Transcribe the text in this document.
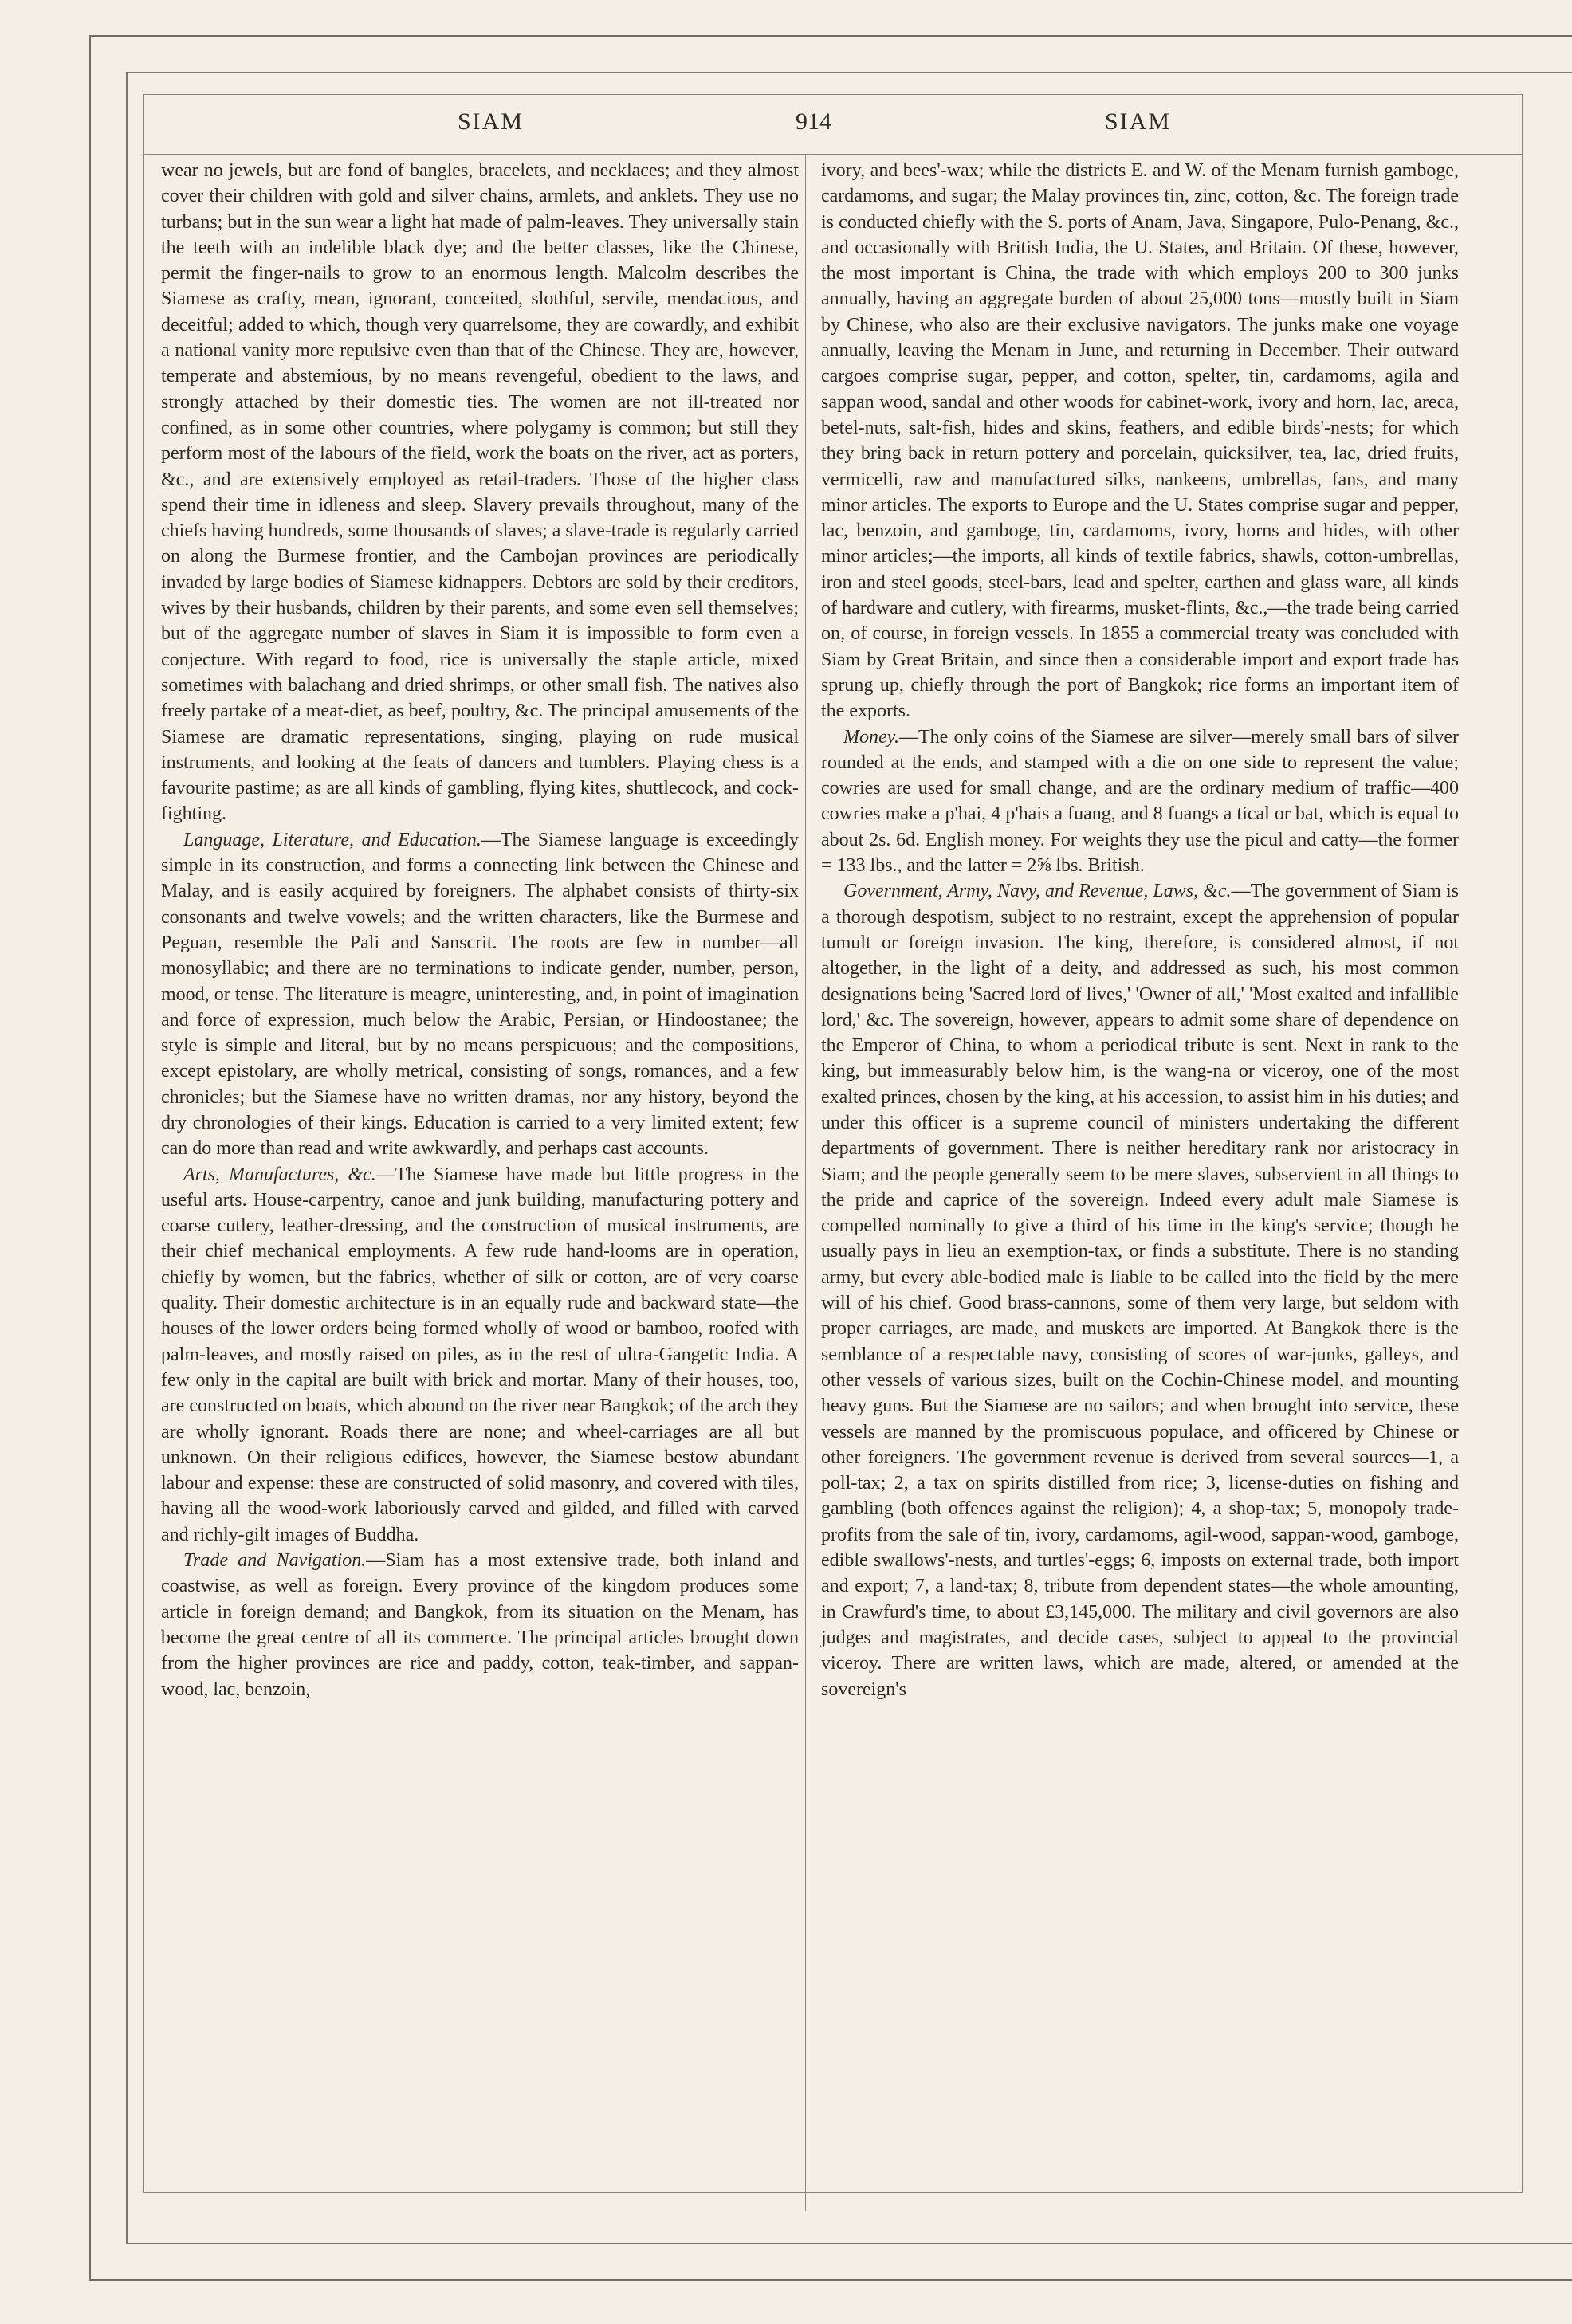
SIAM	914	SIAM

wear no jewels, but are fond of bangles, bracelets, and necklaces; and they almost cover their children with gold and silver chains, armlets, and anklets. They use no turbans; but in the sun wear a light hat made of palm-leaves. They universally stain the teeth with an indelible black dye; and the better classes, like the Chinese, permit the finger-nails to grow to an enormous length. Malcolm describes the Siamese as crafty, mean, ignorant, conceited, slothful, servile, mendacious, and deceitful; added to which, though very quarrelsome, they are cowardly, and exhibit a national vanity more repulsive even than that of the Chinese. They are, however, temperate and abstemious, by no means revengeful, obedient to the laws, and strongly attached by their domestic ties. The women are not ill-treated nor confined, as in some other countries, where polygamy is common; but still they perform most of the labours of the field, work the boats on the river, act as porters, &c., and are extensively employed as retail-traders. Those of the higher class spend their time in idleness and sleep. Slavery prevails throughout, many of the chiefs having hundreds, some thousands of slaves; a slave-trade is regularly carried on along the Burmese frontier, and the Cambojan provinces are periodically invaded by large bodies of Siamese kidnappers. Debtors are sold by their creditors, wives by their husbands, children by their parents, and some even sell themselves; but of the aggregate number of slaves in Siam it is impossible to form even a conjecture. With regard to food, rice is universally the staple article, mixed sometimes with balachang and dried shrimps, or other small fish. The natives also freely partake of a meat-diet, as beef, poultry, &c. The principal amusements of the Siamese are dramatic representations, singing, playing on rude musical instruments, and looking at the feats of dancers and tumblers. Playing chess is a favourite pastime; as are all kinds of gambling, flying kites, shuttlecock, and cock-fighting.

Language, Literature, and Education.—The Siamese language is exceedingly simple in its construction, and forms a connecting link between the Chinese and Malay, and is easily acquired by foreigners. The alphabet consists of thirty-six consonants and twelve vowels; and the written characters, like the Burmese and Peguan, resemble the Pali and Sanscrit. The roots are few in number—all monosyllabic; and there are no terminations to indicate gender, number, person, mood, or tense. The literature is meagre, uninteresting, and, in point of imagination and force of expression, much below the Arabic, Persian, or Hindoostanee; the style is simple and literal, but by no means perspicuous; and the compositions, except epistolary, are wholly metrical, consisting of songs, romances, and a few chronicles; but the Siamese have no written dramas, nor any history, beyond the dry chronologies of their kings. Education is carried to a very limited extent; few can do more than read and write awkwardly, and perhaps cast accounts.

Arts, Manufactures, &c.—The Siamese have made but little progress in the useful arts. House-carpentry, canoe and junk building, manufacturing pottery and coarse cutlery, leather-dressing, and the construction of musical instruments, are their chief mechanical employments. A few rude hand-looms are in operation, chiefly by women, but the fabrics, whether of silk or cotton, are of very coarse quality. Their domestic architecture is in an equally rude and backward state—the houses of the lower orders being formed wholly of wood or bamboo, roofed with palm-leaves, and mostly raised on piles, as in the rest of ultra-Gangetic India. A few only in the capital are built with brick and mortar. Many of their houses, too, are constructed on boats, which abound on the river near Bangkok; of the arch they are wholly ignorant. Roads there are none; and wheel-carriages are all but unknown. On their religious edifices, however, the Siamese bestow abundant labour and expense: these are constructed of solid masonry, and covered with tiles, having all the wood-work laboriously carved and gilded, and filled with carved and richly-gilt images of Buddha.

Trade and Navigation.—Siam has a most extensive trade, both inland and coastwise, as well as foreign. Every province of the kingdom produces some article in foreign demand; and Bangkok, from its situation on the Menam, has become the great centre of all its commerce. The principal articles brought down from the higher provinces are rice and paddy, cotton, teak-timber, and sappan-wood, lac, benzoin,

ivory, and bees'-wax; while the districts E. and W. of the Menam furnish gamboge, cardamoms, and sugar; the Malay provinces tin, zinc, cotton, &c. The foreign trade is conducted chiefly with the S. ports of Anam, Java, Singapore, Pulo-Penang, &c., and occasionally with British India, the U. States, and Britain. Of these, however, the most important is China, the trade with which employs 200 to 300 junks annually, having an aggregate burden of about 25,000 tons—mostly built in Siam by Chinese, who also are their exclusive navigators. The junks make one voyage annually, leaving the Menam in June, and returning in December. Their outward cargoes comprise sugar, pepper, and cotton, spelter, tin, cardamoms, agila and sappan wood, sandal and other woods for cabinet-work, ivory and horn, lac, areca, betel-nuts, salt-fish, hides and skins, feathers, and edible birds'-nests; for which they bring back in return pottery and porcelain, quicksilver, tea, lac, dried fruits, vermicelli, raw and manufactured silks, nankeens, umbrellas, fans, and many minor articles. The exports to Europe and the U. States comprise sugar and pepper, lac, benzoin, and gamboge, tin, cardamoms, ivory, horns and hides, with other minor articles;—the imports, all kinds of textile fabrics, shawls, cotton-umbrellas, iron and steel goods, steel-bars, lead and spelter, earthen and glass ware, all kinds of hardware and cutlery, with firearms, musket-flints, &c.,—the trade being carried on, of course, in foreign vessels. In 1855 a commercial treaty was concluded with Siam by Great Britain, and since then a considerable import and export trade has sprung up, chiefly through the port of Bangkok; rice forms an important item of the exports.

Money.—The only coins of the Siamese are silver—merely small bars of silver rounded at the ends, and stamped with a die on one side to represent the value; cowries are used for small change, and are the ordinary medium of traffic—400 cowries make a p'hai, 4 p'hais a fuang, and 8 fuangs a tical or bat, which is equal to about 2s. 6d. English money. For weights they use the picul and catty—the former = 133 lbs., and the latter = 2⅝ lbs. British.

Government, Army, Navy, and Revenue, Laws, &c.—The government of Siam is a thorough despotism, subject to no restraint, except the apprehension of popular tumult or foreign invasion. The king, therefore, is considered almost, if not altogether, in the light of a deity, and addressed as such, his most common designations being 'Sacred lord of lives,' 'Owner of all,' 'Most exalted and infallible lord,' &c. The sovereign, however, appears to admit some share of dependence on the Emperor of China, to whom a periodical tribute is sent. Next in rank to the king, but immeasurably below him, is the wang-na or viceroy, one of the most exalted princes, chosen by the king, at his accession, to assist him in his duties; and under this officer is a supreme council of ministers undertaking the different departments of government. There is neither hereditary rank nor aristocracy in Siam; and the people generally seem to be mere slaves, subservient in all things to the pride and caprice of the sovereign. Indeed every adult male Siamese is compelled nominally to give a third of his time in the king's service; though he usually pays in lieu an exemption-tax, or finds a substitute. There is no standing army, but every able-bodied male is liable to be called into the field by the mere will of his chief. Good brass-cannons, some of them very large, but seldom with proper carriages, are made, and muskets are imported. At Bangkok there is the semblance of a respectable navy, consisting of scores of war-junks, galleys, and other vessels of various sizes, built on the Cochin-Chinese model, and mounting heavy guns. But the Siamese are no sailors; and when brought into service, these vessels are manned by the promiscuous populace, and officered by Chinese or other foreigners. The government revenue is derived from several sources—1, a poll-tax; 2, a tax on spirits distilled from rice; 3, license-duties on fishing and gambling (both offences against the religion); 4, a shop-tax; 5, monopoly trade-profits from the sale of tin, ivory, cardamoms, agil-wood, sappan-wood, gamboge, edible swallows'-nests, and turtles'-eggs; 6, imposts on external trade, both import and export; 7, a land-tax; 8, tribute from dependent states—the whole amounting, in Crawfurd's time, to about £3,145,000. The military and civil governors are also judges and magistrates, and decide cases, subject to appeal to the provincial viceroy. There are written laws, which are made, altered, or amended at the sovereign's
